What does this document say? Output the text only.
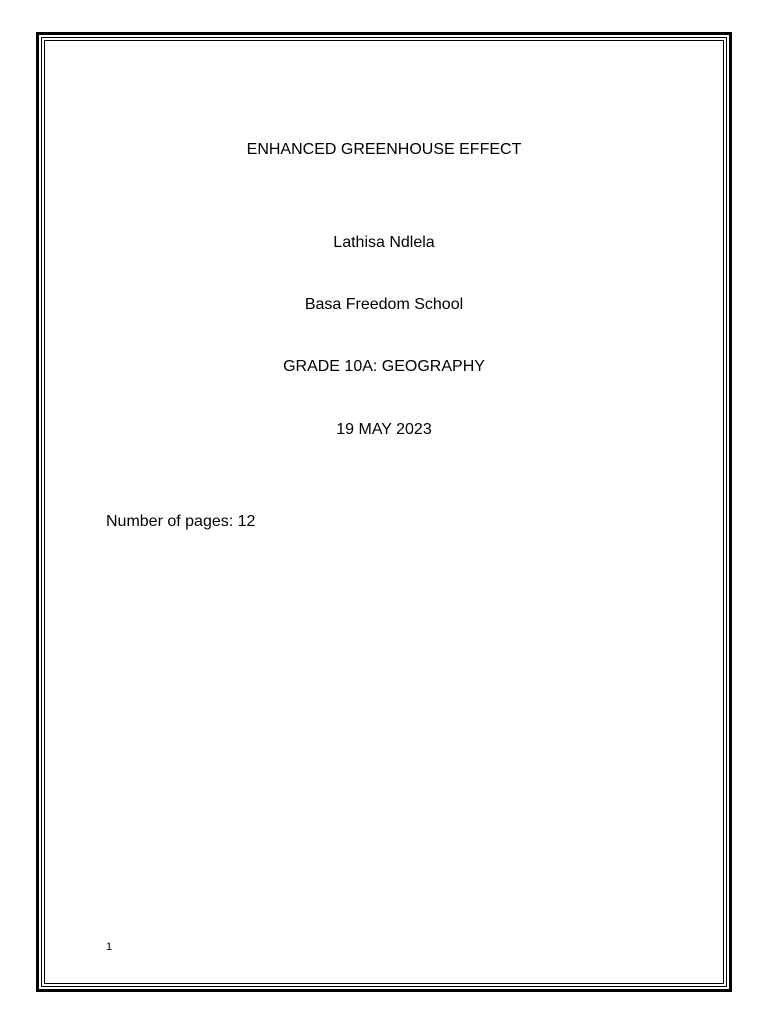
ENHANCED GREENHOUSE EFFECT
Lathisa Ndlela
Basa Freedom School
GRADE 10A: GEOGRAPHY
19 MAY 2023
Number of pages: 12
1
